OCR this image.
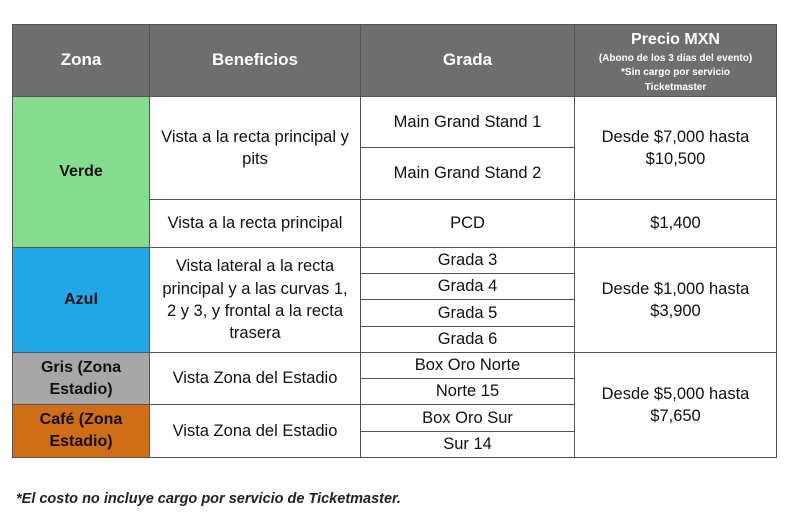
Zona	Beneficios	Grada
Precio MXN
(Abono de los 3 días del evento)
*Sin cargo por servicio
Ticketmaster
Verde
Azul
Gris (Zona Estadio)
Café (Zona Estadio)
Vista a la recta principal y pits
Vista a la recta principal
Vista lateral a la recta principal y a las curvas 1, 2 y 3, y frontal a la recta trasera
Vista Zona del Estadio
Vista Zona del Estadio
Main Grand Stand 1
Main Grand Stand 2
PCD
Grada 3
Grada 4
Grada 5
Grada 6
Box Oro Norte
Norte 15
Box Oro Sur
Sur 14
Desde $7,000 hasta $10,500
$1,400
Desde $1,000 hasta $3,900
Desde $5,000 hasta $7,650
*El costo no incluye cargo por servicio de Ticketmaster.
